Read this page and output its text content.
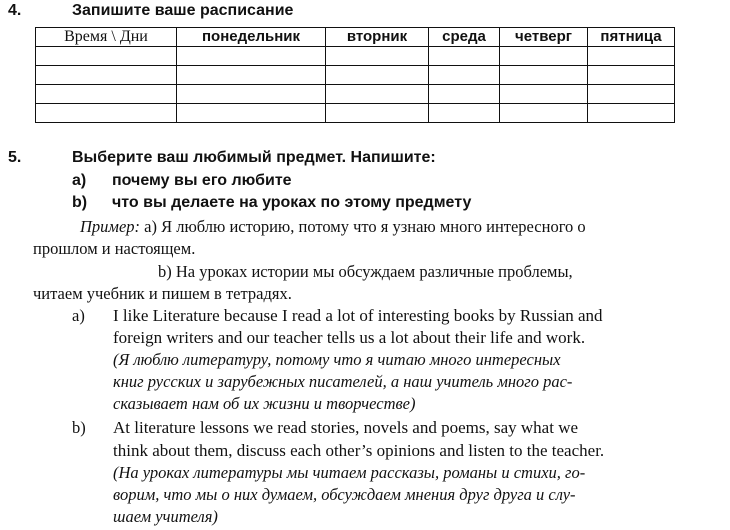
4.	Запишите ваше расписание
Время \ Дни	понедельник	вторник	среда	четверг	пятница

5.	Выберите ваш любимый предмет. Напишите:
a) почему вы его любите
b) что вы делаете на уроках по этому предмету
Пример: а) Я люблю историю, потому что я узнаю много интересного о
прошлом и настоящем.
b) На уроках истории мы обсуждаем различные проблемы,
читаем учебник и пишем в тетрадях.
a) I like Literature because I read a lot of interesting books by Russian and
foreign writers and our teacher tells us a lot about their life and work.
(Я люблю литературу, потому что я читаю много интересных
книг русских и зарубежных писателей, а наш учитель много рас-
сказывает нам об их жизни и творчестве)
b) At literature lessons we read stories, novels and poems, say what we
think about them, discuss each other’s opinions and listen to the teacher.
(На уроках литературы мы читаем рассказы, романы и стихи, го-
ворим, что мы о них думаем, обсуждаем мнения друг друга и слу-
шаем учителя)
